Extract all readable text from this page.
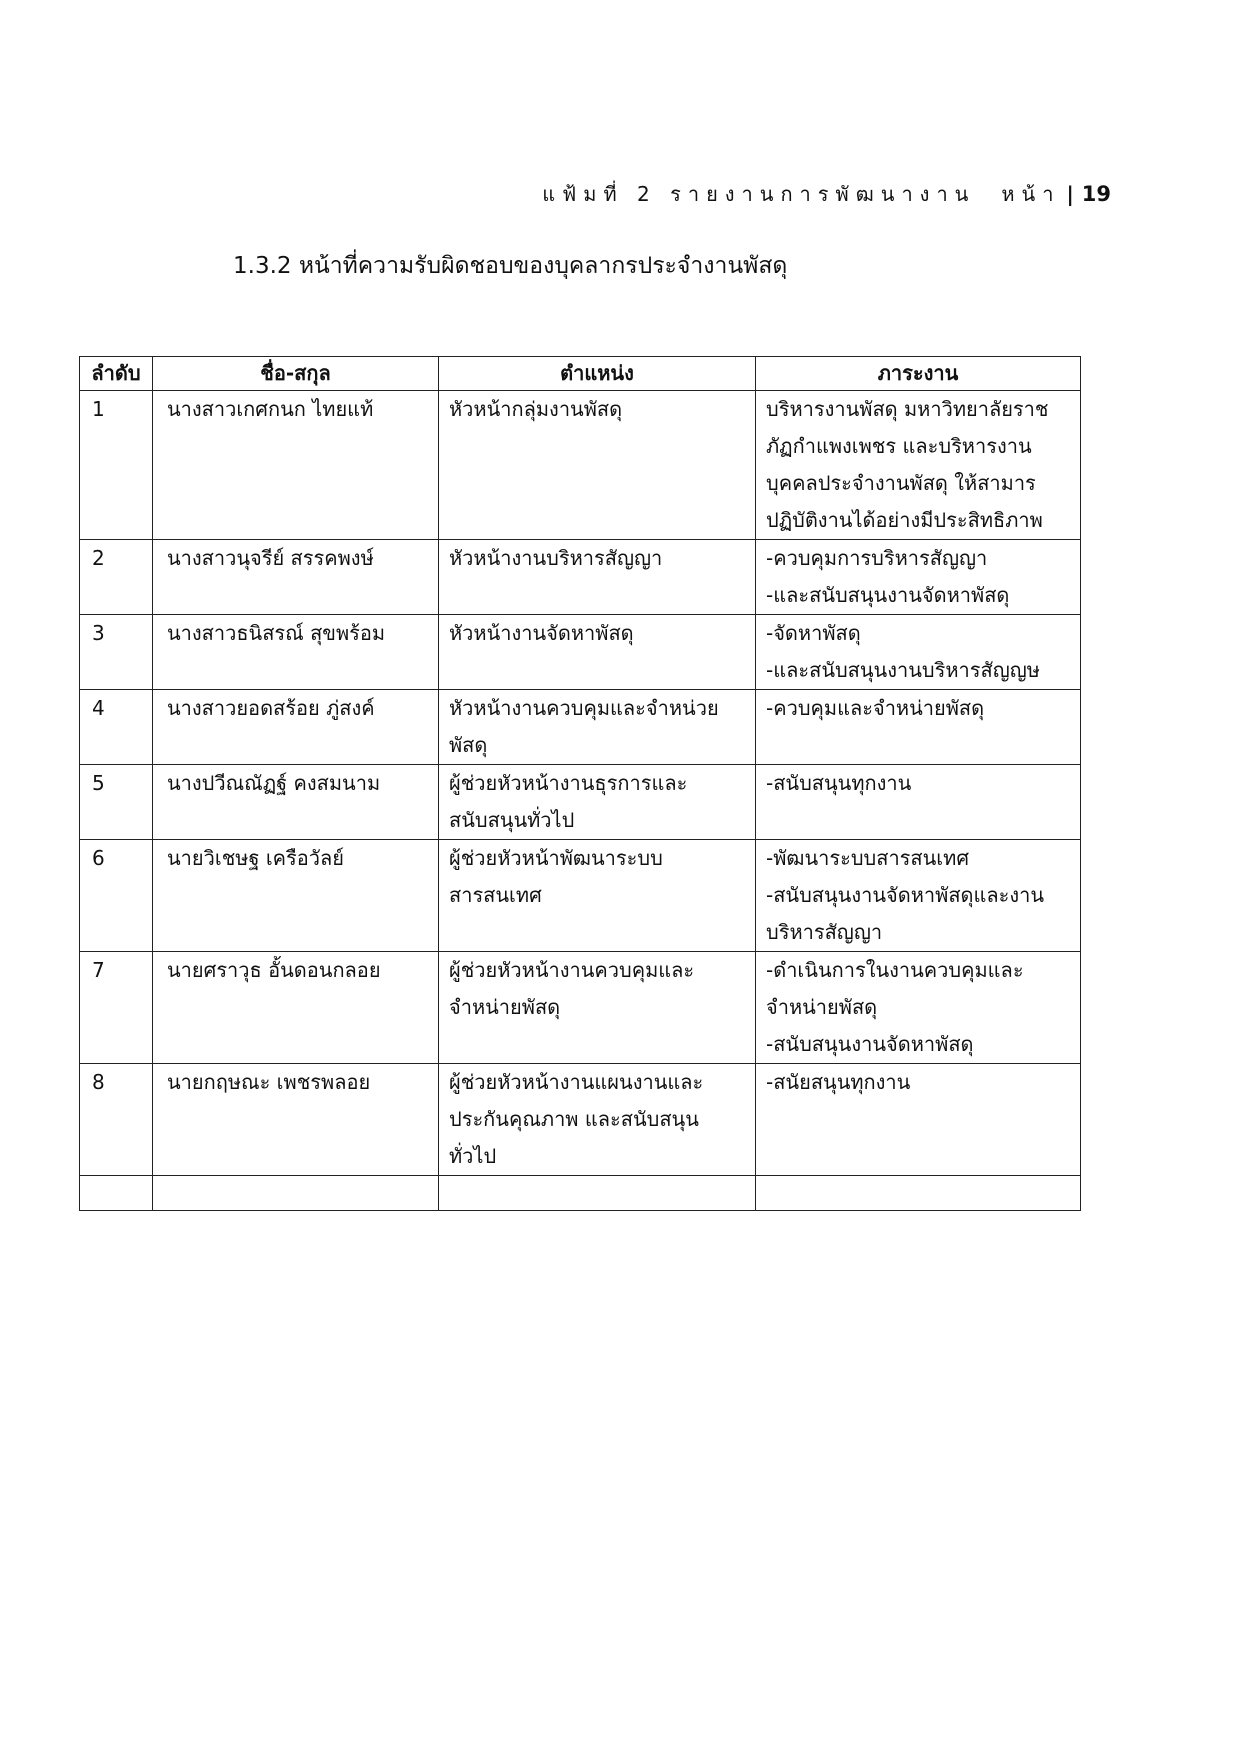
แฟ้มที่ 2 รายงานการพัฒนางาน หน้า | 19
1.3.2 หน้าที่ความรับผิดชอบของบุคลากรประจำงานพัสดุ
ลำดับ	ชื่อ-สกุล	ตำแหน่ง	ภาระงาน

1	นางสาวเกศกนก ไทยแท้	หัวหน้ากลุ่มงานพัสดุ	บริหารงานพัสดุ มหาวิทยาลัยราช
ภัฏกำแพงเพชร และบริหารงาน
บุคคลประจำงานพัสดุ ให้สามาร
ปฏิบัติงานได้อย่างมีประสิทธิภาพ

2	นางสาวนุจรีย์ สรรคพงษ์	หัวหน้างานบริหารสัญญา	-ควบคุมการบริหารสัญญา
-และสนับสนุนงานจัดหาพัสดุ

3	นางสาวธนิสรณ์ สุขพร้อม	หัวหน้างานจัดหาพัสดุ	-จัดหาพัสดุ
-และสนับสนุนงานบริหารสัญญษ

4	นางสาวยอดสร้อย ภู่สงค์	หัวหน้างานควบคุมและจำหน่วย
พัสดุ	-ควบคุมและจำหน่ายพัสดุ

5	นางปวีณณัฏฐ์ คงสมนาม	ผู้ช่วยหัวหน้างานธุรการและ
สนับสนุนทั่วไป	-สนับสนุนทุกงาน

6	นายวิเชษฐ เครือวัลย์	ผู้ช่วยหัวหน้าพัฒนาระบบ
สารสนเทศ	-พัฒนาระบบสารสนเทศ
-สนับสนุนงานจัดหาพัสดุและงาน
บริหารสัญญา

7	นายศราวุธ อั้นดอนกลอย	ผู้ช่วยหัวหน้างานควบคุมและ
จำหน่ายพัสดุ	-ดำเนินการในงานควบคุมและ
จำหน่ายพัสดุ
-สนับสนุนงานจัดหาพัสดุ

8	นายกฤษณะ เพชรพลอย	ผู้ช่วยหัวหน้างานแผนงานและ
ประกันคุณภาพ และสนับสนุน
ทั่วไป	-สนัยสนุนทุกงาน
